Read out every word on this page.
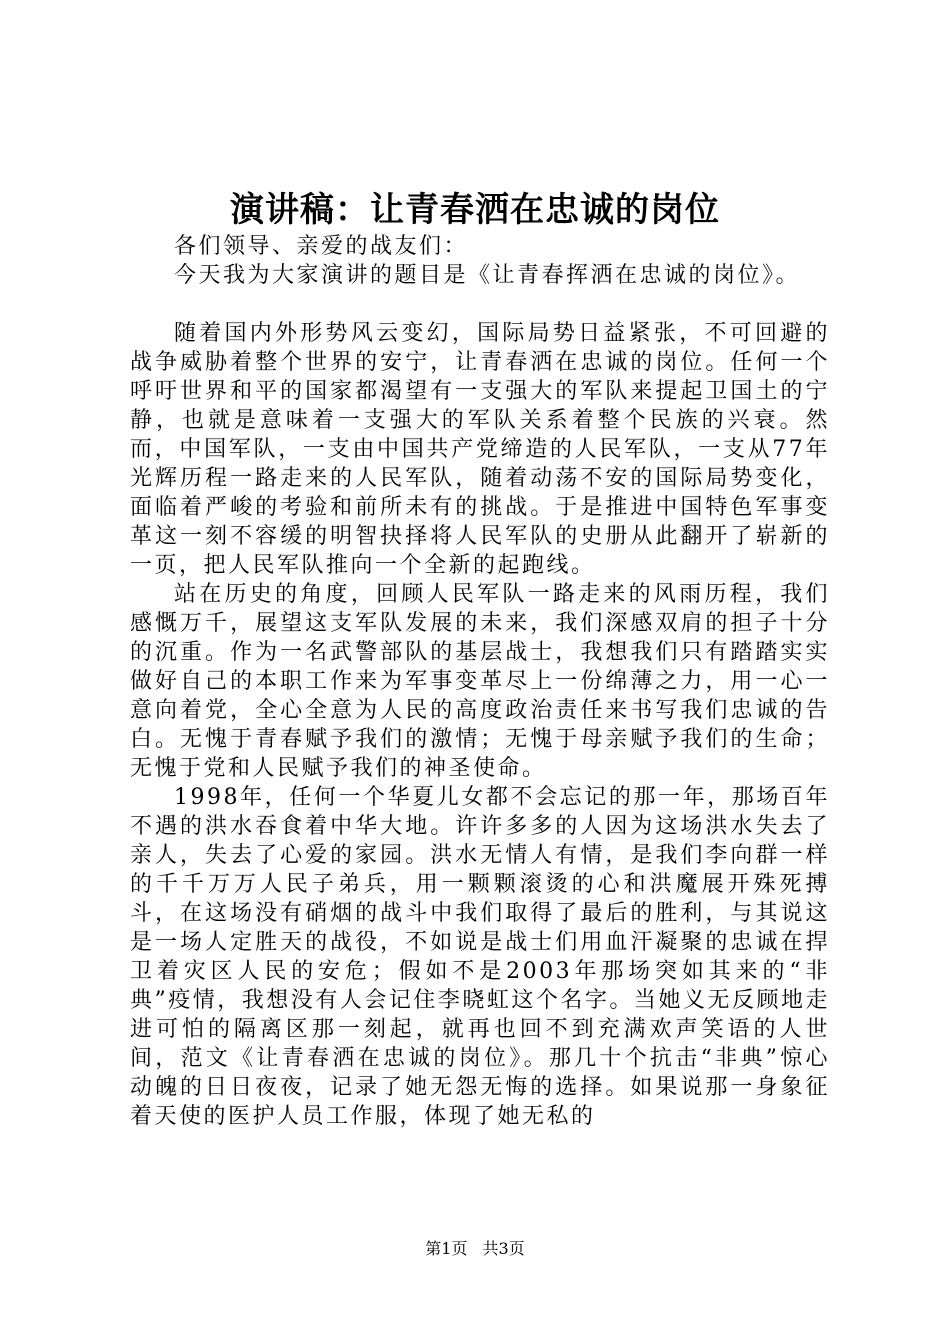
演讲稿：让青春洒在忠诚的岗位

各们领导、亲爱的战友们：

今天我为大家演讲的题目是《让青春挥洒在忠诚的岗位》。

随着国内外形势风云变幻，国际局势日益紧张，不可回避的战争威胁着整个世界的安宁，让青春洒在忠诚的岗位。任何一个呼吁世界和平的国家都渴望有一支强大的军队来提起卫国土的宁静，也就是意味着一支强大的军队关系着整个民族的兴衰。然而，中国军队，一支由中国共产党缔造的人民军队，一支从77年光辉历程一路走来的人民军队，随着动荡不安的国际局势变化，面临着严峻的考验和前所未有的挑战。于是推进中国特色军事变革这一刻不容缓的明智抉择将人民军队的史册从此翻开了崭新的一页，把人民军队推向一个全新的起跑线。

站在历史的角度，回顾人民军队一路走来的风雨历程，我们感慨万千，展望这支军队发展的未来，我们深感双肩的担子十分的沉重。作为一名武警部队的基层战士，我想我们只有踏踏实实做好自己的本职工作来为军事变革尽上一份绵薄之力，用一心一意向着党，全心全意为人民的高度政治责任来书写我们忠诚的告白。无愧于青春赋予我们的激情；无愧于母亲赋予我们的生命；无愧于党和人民赋予我们的神圣使命。

1998年，任何一个华夏儿女都不会忘记的那一年，那场百年不遇的洪水吞食着中华大地。许许多多的人因为这场洪水失去了亲人，失去了心爱的家园。洪水无情人有情，是我们李向群一样的千千万万人民子弟兵，用一颗颗滚烫的心和洪魔展开殊死搏斗，在这场没有硝烟的战斗中我们取得了最后的胜利，与其说这是一场人定胜天的战役，不如说是战士们用血汗凝聚的忠诚在捍卫着灾区人民的安危；假如不是2003年那场突如其来的“非典”疫情，我想没有人会记住李晓虹这个名字。当她义无反顾地走进可怕的隔离区那一刻起，就再也回不到充满欢声笑语的人世间，范文《让青春洒在忠诚的岗位》。那几十个抗击“非典”惊心动魄的日日夜夜，记录了她无怨无悔的选择。如果说那一身象征着天使的医护人员工作服，体现了她无私的

第1页 共3页
